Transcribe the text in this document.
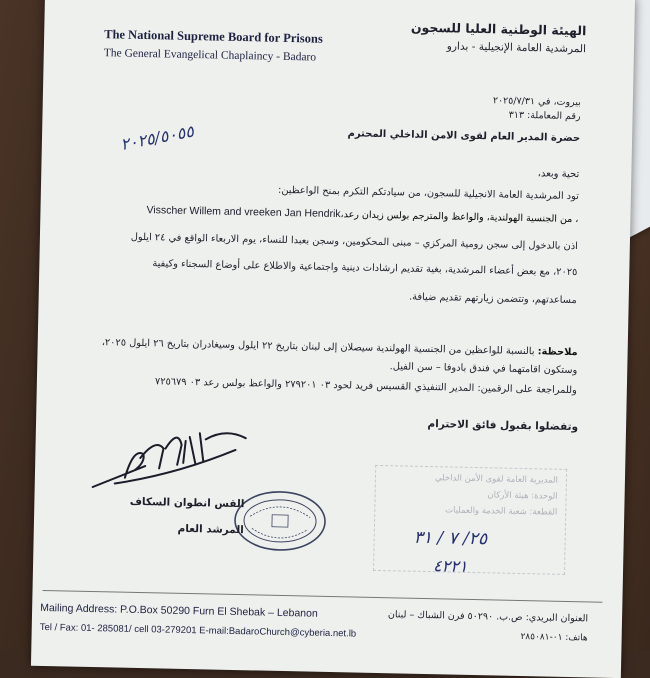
The National Supreme Board for Prisons
The General Evangelical Chaplaincy - Badaro
الهيئة الوطنية العليا للسجون
المرشدية العامة الإنجيلية - بدارو
بيروت، في ٢٠٢٥/٧/٣١
رقم المعاملة: ٣١٣
٢٠٢٥/٥٠٥٥	حضرة المدير العام لقوى الامن الداخلي المحترم
تحية وبعد،
تود المرشدية العامة الانجيلية للسجون، من سيادتكم التكرم بمنح الواعظين:
Visscher Willem and vreeken Jan Hendrik، من الجنسية الهولندية، والواعظ والمترجم بولس زيدان رعد،
اذن بالدخول إلى سجن رومية المركزي – مبنى المحكومين، وسجن بعبدا للنساء، يوم الاربعاء الواقع في ٢٤ ايلول
٢٠٢٥، مع بعض أعضاء المرشدية، بغية تقديم ارشادات دينية واجتماعية والاطلاع على أوضاع السجناء وكيفية
مساعدتهم، وتتضمن زيارتهم تقديم ضيافة.
ملاحظة: بالنسبة للواعظين من الجنسية الهولندية سيصلان إلى لبنان بتاريخ ٢٢ ايلول وسيغادران بتاريخ ٢٦ ايلول ٢٠٢٥،
وستكون اقامتهما في فندق بادوفا – سن الفيل.
وللمراجعة على الرقمين: المدير التنفيذي القسيس فريد لحود ٠٣ ٢٧٩٢٠١ والواعظ بولس رعد ٠٣ ٧٢٥٦٧٩
وتفضلوا بقبول فائق الاحترام
المديرية العامة لقوى الأمن الداخلي
الوحدة: هيئة الأركان
القطعة: شعبة الخدمة والعمليات
٢٥/ ٧ / ٣١
٤٢٢١
القس انطوان السكاف
المرشد العام
Mailing Address: P.O.Box 50290 Furn El Shebak – Lebanon
Tel / Fax: 01- 285081/ cell 03-279201 E-mail:BadaroChurch@cyberia.net.lb
العنوان البريدي: ص.ب. ٥٠٢٩٠ فرن الشباك – لبنان
هاتف: ٠١-٢٨٥٠٨١
